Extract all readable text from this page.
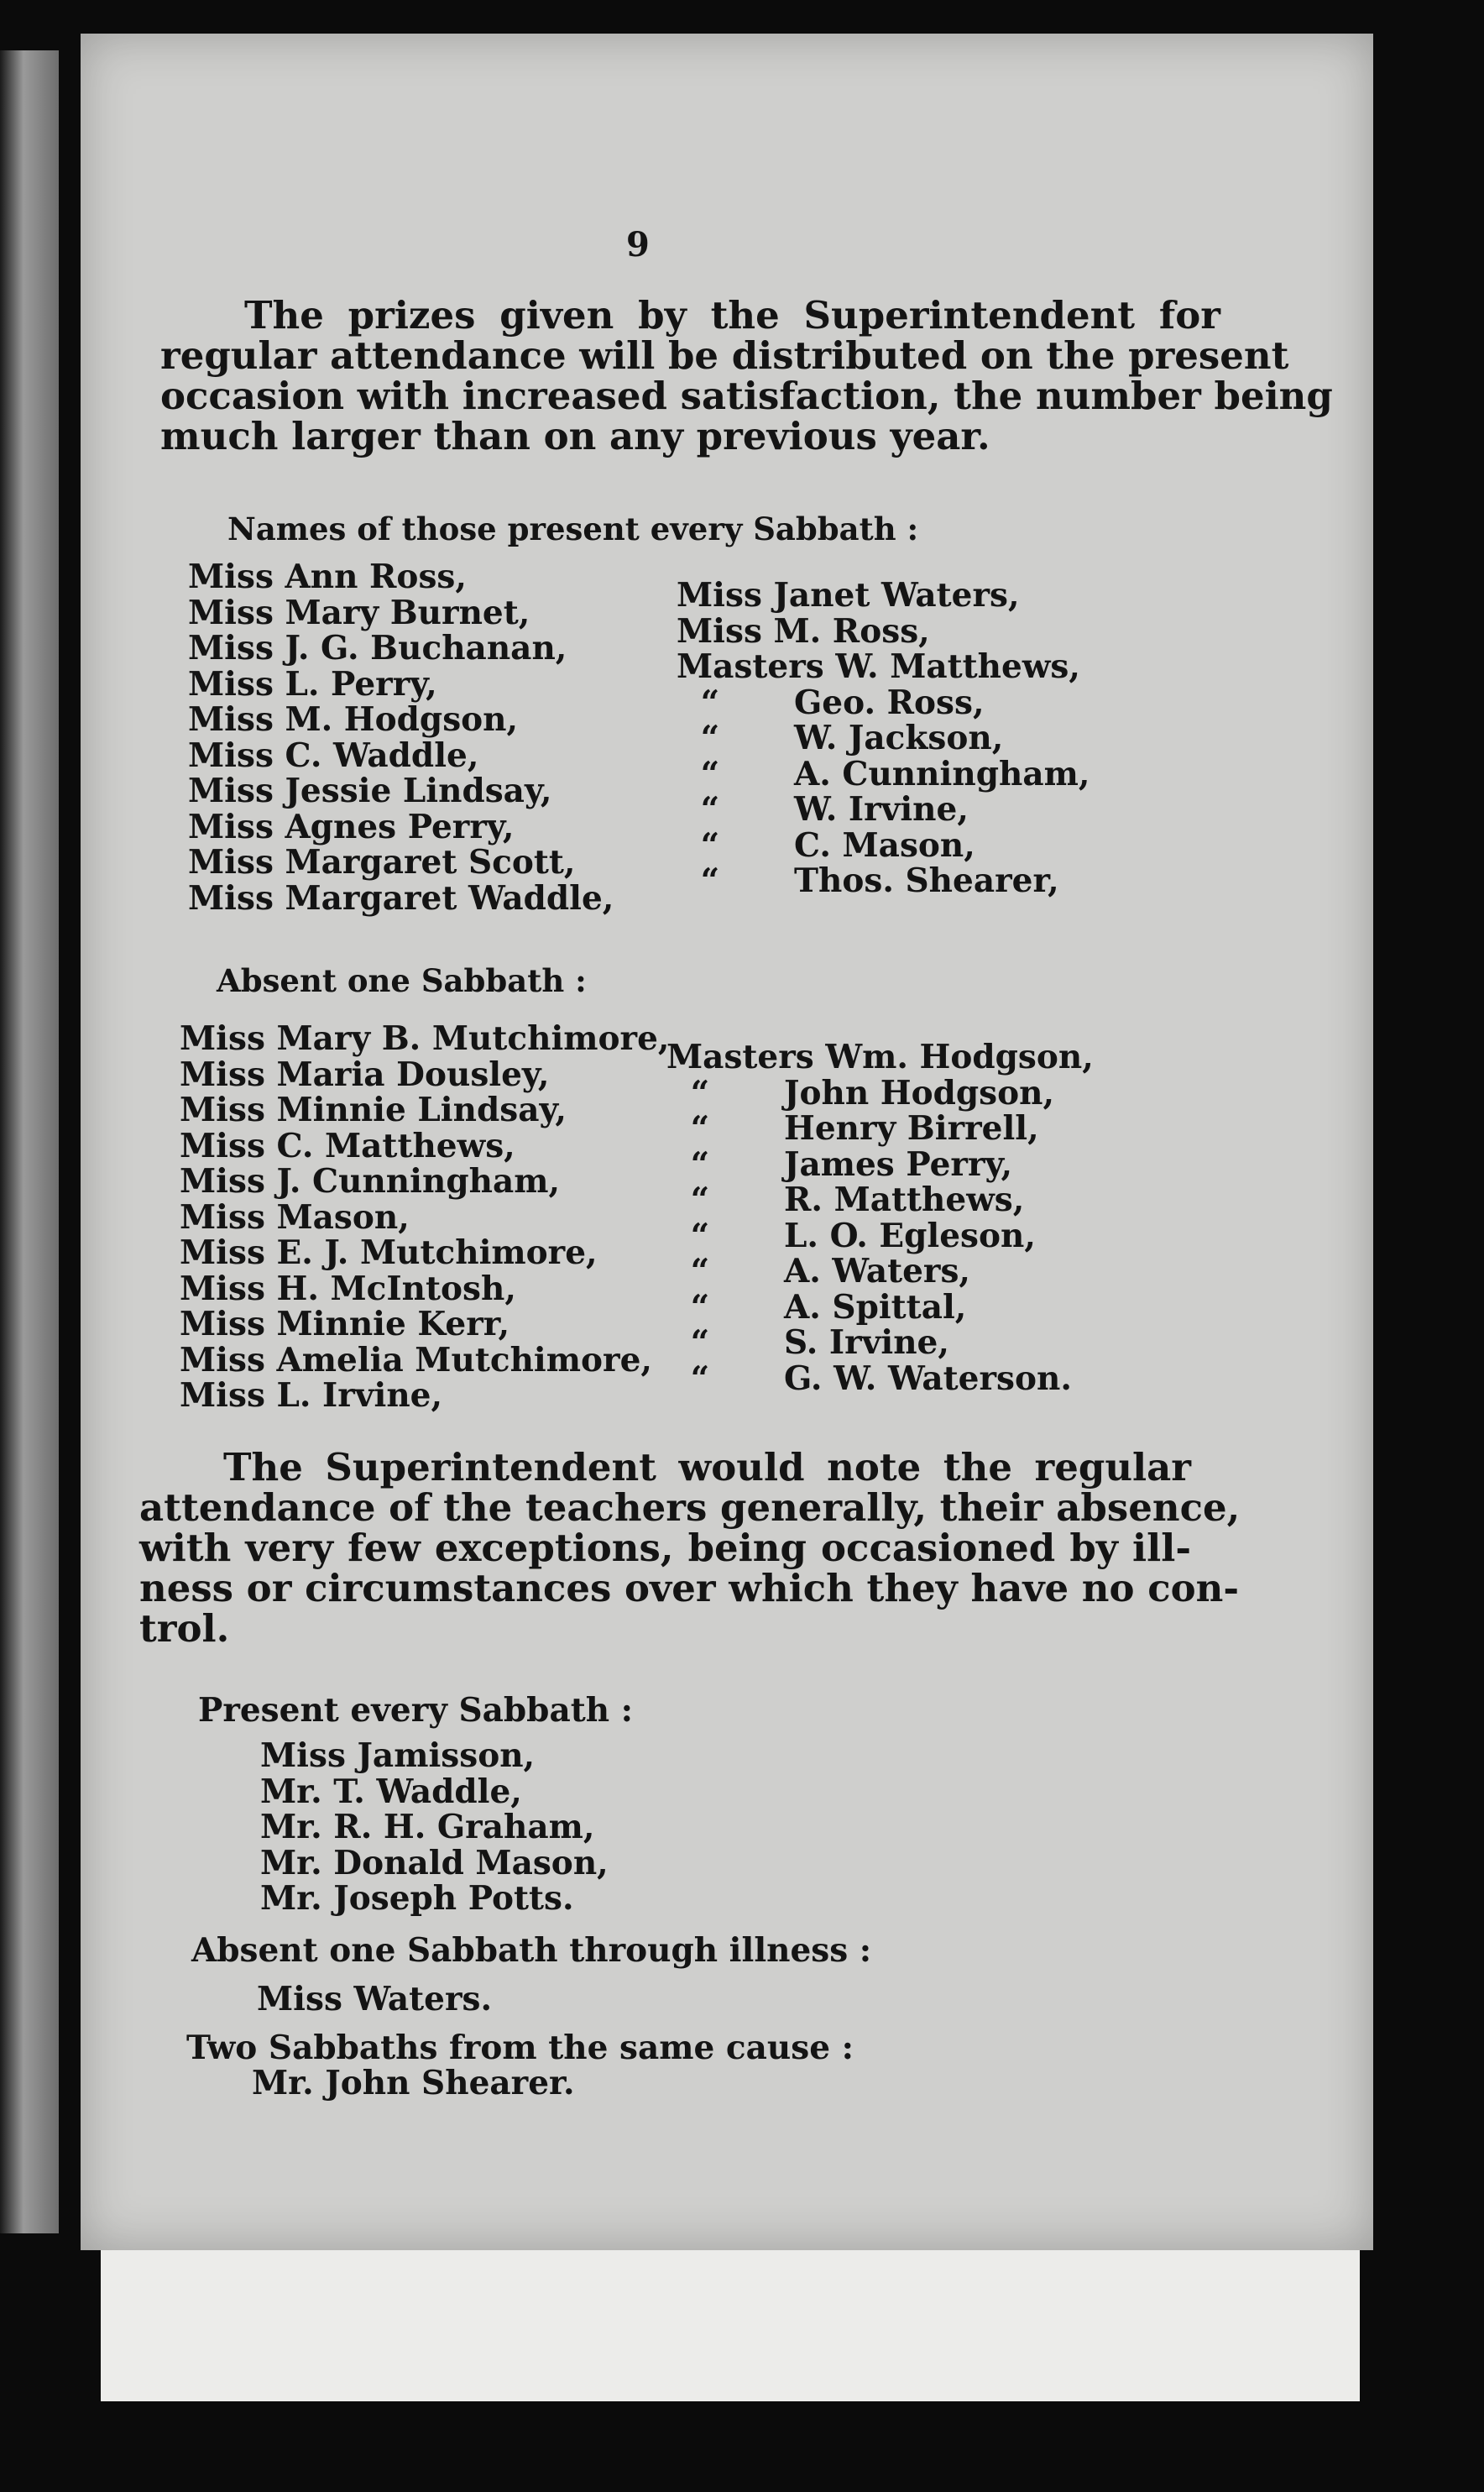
9
The prizes given by the Superintendent for
regular attendance will be distributed on the present
occasion with increased satisfaction, the number being
much larger than on any previous year.
Names of those present every Sabbath :
Miss Ann Ross,
Miss Mary Burnet,
Miss J. G. Buchanan,
Miss L. Perry,
Miss M. Hodgson,
Miss C. Waddle,
Miss Jessie Lindsay,
Miss Agnes Perry,
Miss Margaret Scott,
Miss Margaret Waddle,
Miss Janet Waters,
Miss M. Ross,
Masters W. Matthews,
“ Geo. Ross,
“ W. Jackson,
“ A. Cunningham,
“ W. Irvine,
“ C. Mason,
“ Thos. Shearer,
Absent one Sabbath :
Miss Mary B. Mutchimore,
Miss Maria Dousley,
Miss Minnie Lindsay,
Miss C. Matthews,
Miss J. Cunningham,
Miss Mason,
Miss E. J. Mutchimore,
Miss H. McIntosh,
Miss Minnie Kerr,
Miss Amelia Mutchimore,
Miss L. Irvine,
Masters Wm. Hodgson,
“ John Hodgson,
“ Henry Birrell,
“ James Perry,
“ R. Matthews,
“ L. O. Egleson,
“ A. Waters,
“ A. Spittal,
“ S. Irvine,
“ G. W. Waterson.
The Superintendent would note the regular
attendance of the teachers generally, their absence,
with very few exceptions, being occasioned by ill-
ness or circumstances over which they have no con-
trol.
Present every Sabbath :
Miss Jamisson,
Mr. T. Waddle,
Mr. R. H. Graham,
Mr. Donald Mason,
Mr. Joseph Potts.
Absent one Sabbath through illness :
Miss Waters.
Two Sabbaths from the same cause :
Mr. John Shearer.
